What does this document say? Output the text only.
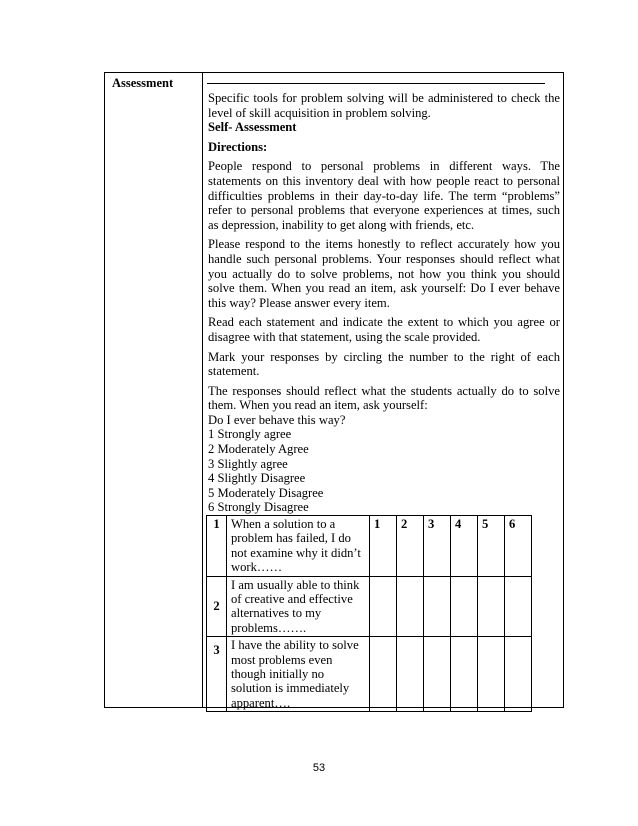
Assessment

Specific tools for problem solving will be administered to check the level of skill acquisition in problem solving.

Self- Assessment

Directions:

People respond to personal problems in different ways. The statements on this inventory deal with how people react to personal difficulties problems in their day-to-day life. The term “problems” refer to personal problems that everyone experiences at times, such as depression, inability to get along with friends, etc.

Please respond to the items honestly to reflect accurately how you handle such personal problems. Your responses should reflect what you actually do to solve problems, not how you think you should solve them. When you read an item, ask yourself: Do I ever behave this way? Please answer every item.

Read each statement and indicate the extent to which you agree or disagree with that statement, using the scale provided.

Mark your responses by circling the number to the right of each statement.

The responses should reflect what the students actually do to solve them. When you read an item, ask yourself:

Do I ever behave this way?
1 Strongly agree
2 Moderately Agree
3 Slightly agree
4 Slightly Disagree
5 Moderately Disagree
6 Strongly Disagree
1	When a solution to a problem has failed, I do not examine why it didn’t work……	1	2	3	4	5	6
2	I am usually able to think of creative and effective alternatives to my problems…….						
3	I have the ability to solve most problems even though initially no solution is immediately apparent….						
53
